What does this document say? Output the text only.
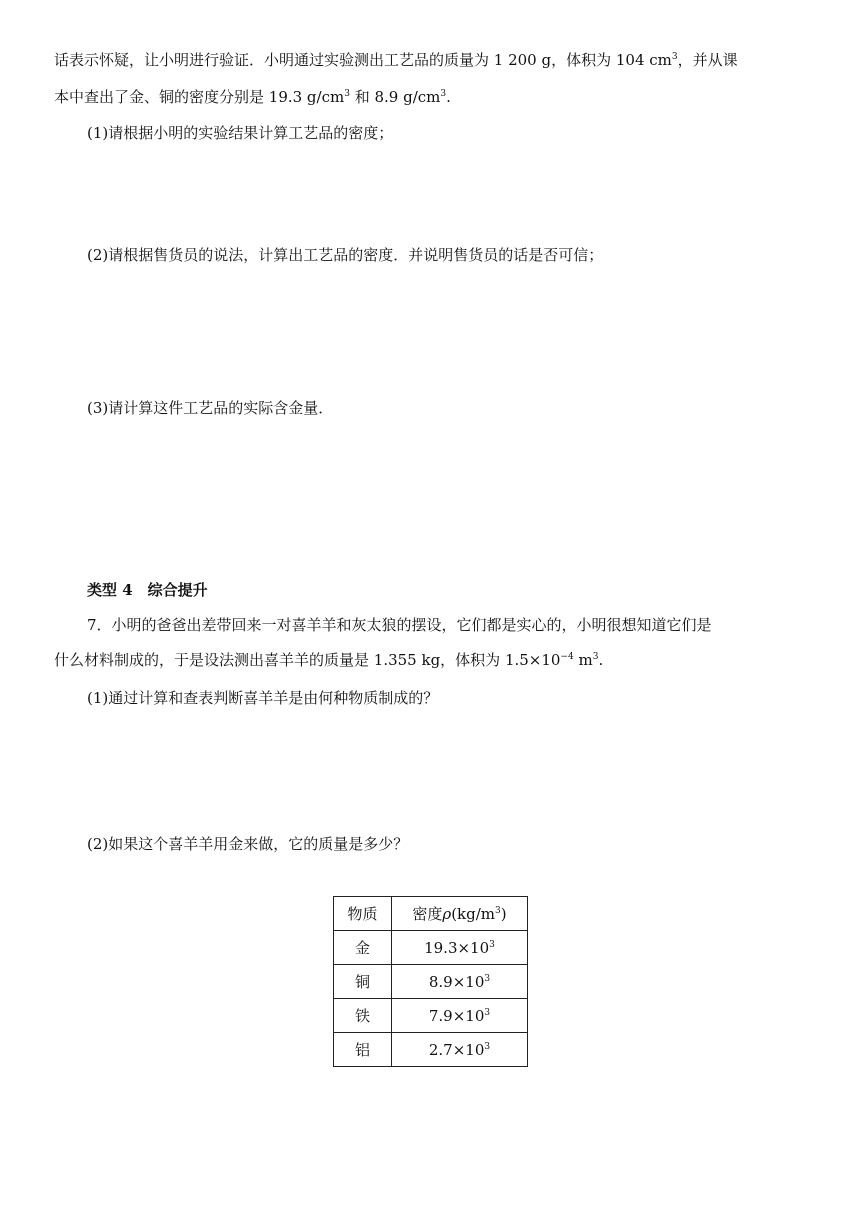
话表示怀疑，让小明进行验证．小明通过实验测出工艺品的质量为 1 200 g，体积为 104 $cm^3$，并从课
本中查出了金、铜的密度分别是 19.3 $g/cm^3$ 和 8.9 $g/cm^3$.
(1)请根据小明的实验结果计算工艺品的密度；
(2)请根据售货员的说法，计算出工艺品的密度．并说明售货员的话是否可信；
(3)请计算这件工艺品的实际含金量．
类型 4　综合提升
7．小明的爸爸出差带回来一对喜羊羊和灰太狼的摆设，它们都是实心的，小明很想知道它们是
什么材料制成的，于是设法测出喜羊羊的质量是 1.355 kg，体积为 $1.5\times 10^{-4}$ $m^3$.
(1)通过计算和查表判断喜羊羊是由何种物质制成的？
(2)如果这个喜羊羊用金来做，它的质量是多少？
物质	密度$\rho(kg/m^3)$
金	$19.3\times 10^3$
铜	$8.9\times 10^3$
铁	$7.9\times 10^3$
铝	$2.7\times 10^3$
